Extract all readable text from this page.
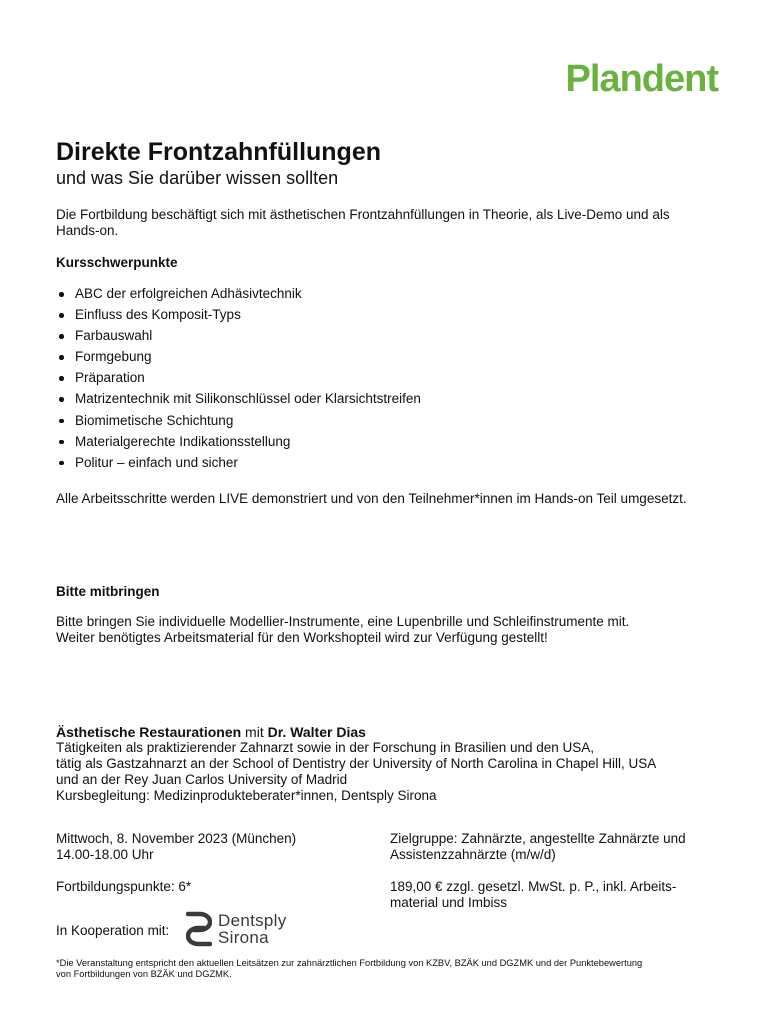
Plandent
Direkte Frontzahnfüllungen
und was Sie darüber wissen sollten
Die Fortbildung beschäftigt sich mit ästhetischen Frontzahnfüllungen in Theorie, als Live-Demo und als Hands-on.
Kursschwerpunkte
ABC der erfolgreichen Adhäsivtechnik
Einfluss des Komposit-Typs
Farbauswahl
Formgebung
Präparation
Matrizentechnik mit Silikonschlüssel oder Klarsichtstreifen
Biomimetische Schichtung
Materialgerechte Indikationsstellung
Politur – einfach und sicher
Alle Arbeitsschritte werden LIVE demonstriert und von den Teilnehmer*innen im Hands-on Teil umgesetzt.
Bitte mitbringen
Bitte bringen Sie individuelle Modellier-Instrumente, eine Lupenbrille und Schleifinstrumente mit.
Weiter benötigtes Arbeitsmaterial für den Workshopteil wird zur Verfügung gestellt!
Ästhetische Restaurationen mit Dr. Walter Dias
Tätigkeiten als praktizierender Zahnarzt sowie in der Forschung in Brasilien und den USA,
tätig als Gastzahnarzt an der School of Dentistry der University of North Carolina in Chapel Hill, USA
und an der Rey Juan Carlos University of Madrid
Kursbegleitung: Medizinprodukteberater*innen, Dentsply Sirona
Mittwoch, 8. November 2023 (München)
14.00-18.00 Uhr
Zielgruppe: Zahnärzte, angestellte Zahnärzte und
Assistenzzahnärzte (m/w/d)
Fortbildungspunkte: 6*	189,00 € zzgl. gesetzl. MwSt. p. P., inkl. Arbeits-
material und Imbiss
In Kooperation mit:
Dentsply
Sirona
*Die Veranstaltung entspricht den aktuellen Leitsätzen zur zahnärztlichen Fortbildung von KZBV, BZÄK und DGZMK und der Punktebewertung
von Fortbildungen von BZÄK und DGZMK.
